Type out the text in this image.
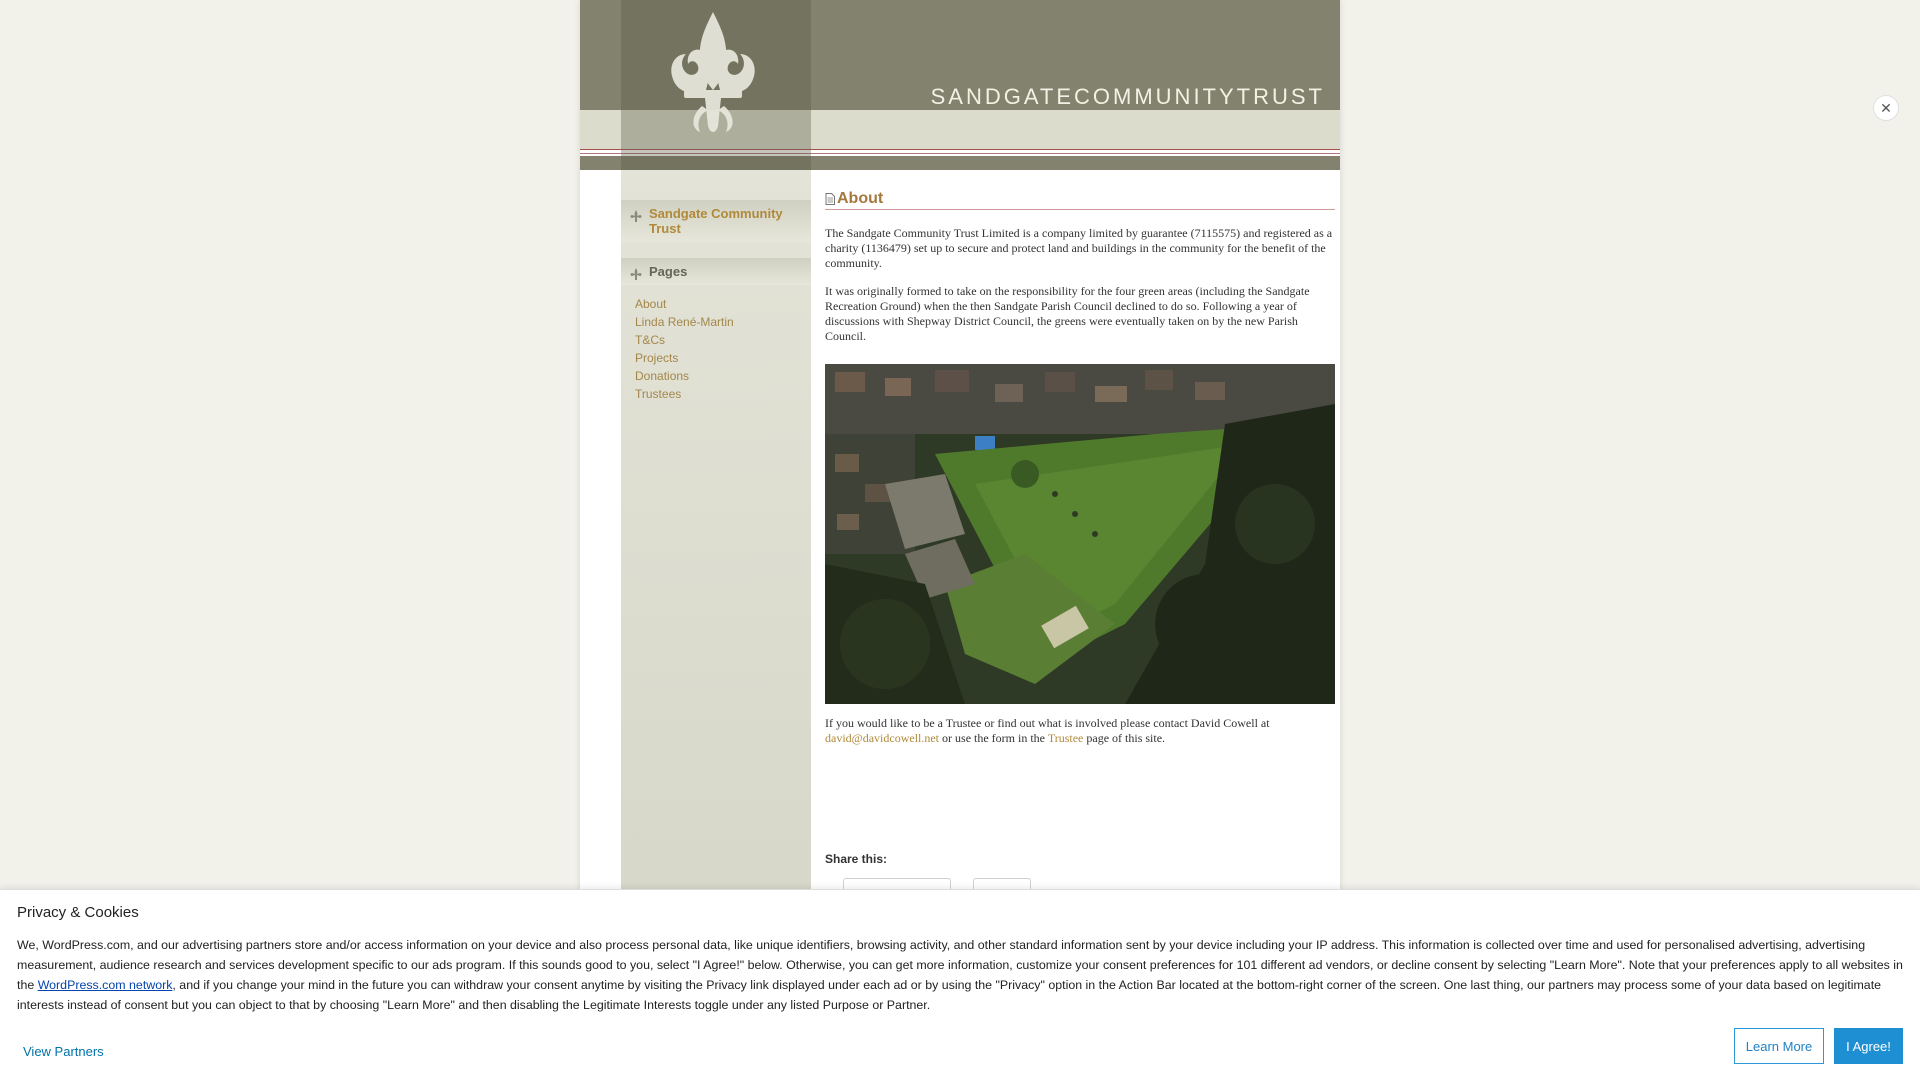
SANDGATECOMMUNITYTRUST
Sandgate Community Trust
Pages
About
Linda René-Martin
T&Cs
Projects
Donations
Trustees
About

The Sandgate Community Trust Limited is a company limited by guarantee (7115575) and registered as a charity (1136479) set up to secure and protect land and buildings in the community for the benefit of the community.

It was originally formed to take on the responsibility for the four green areas (including the Sandgate Recreation Ground) when the then Sandgate Parish Council declined to do so. Following a year of discussions with Shepway District Council, the greens were eventually taken on by the new Parish Council.

If you would like to be a Trustee or find out what is involved please contact David Cowell at david@davidcowell.net or use the form in the Trustee page of this site.

Share this:
✕
Privacy & Cookies
We, WordPress.com, and our advertising partners store and/or access information on your device and also process personal data, like unique identifiers, browsing activity, and other standard information sent by your device including your IP address. This information is collected over time and used for personalised advertising, advertising measurement, audience research and services development specific to our ads program. If this sounds good to you, select "I Agree!" below. Otherwise, you can get more information, customize your consent preferences for 101 different ad vendors, or decline consent by selecting "Learn More". Note that your preferences apply to all websites in the WordPress.com network, and if you change your mind in the future you can withdraw your consent anytime by visiting the Privacy link displayed under each ad or by using the "Privacy" option in the Action Bar located at the bottom-right corner of the screen. One last thing, our partners may process some of your data based on legitimate interests instead of consent but you can object to that by choosing "Learn More" and then disabling the Legitimate Interests toggle under any listed Purpose or Partner.
View Partners	Learn More	I Agree!
